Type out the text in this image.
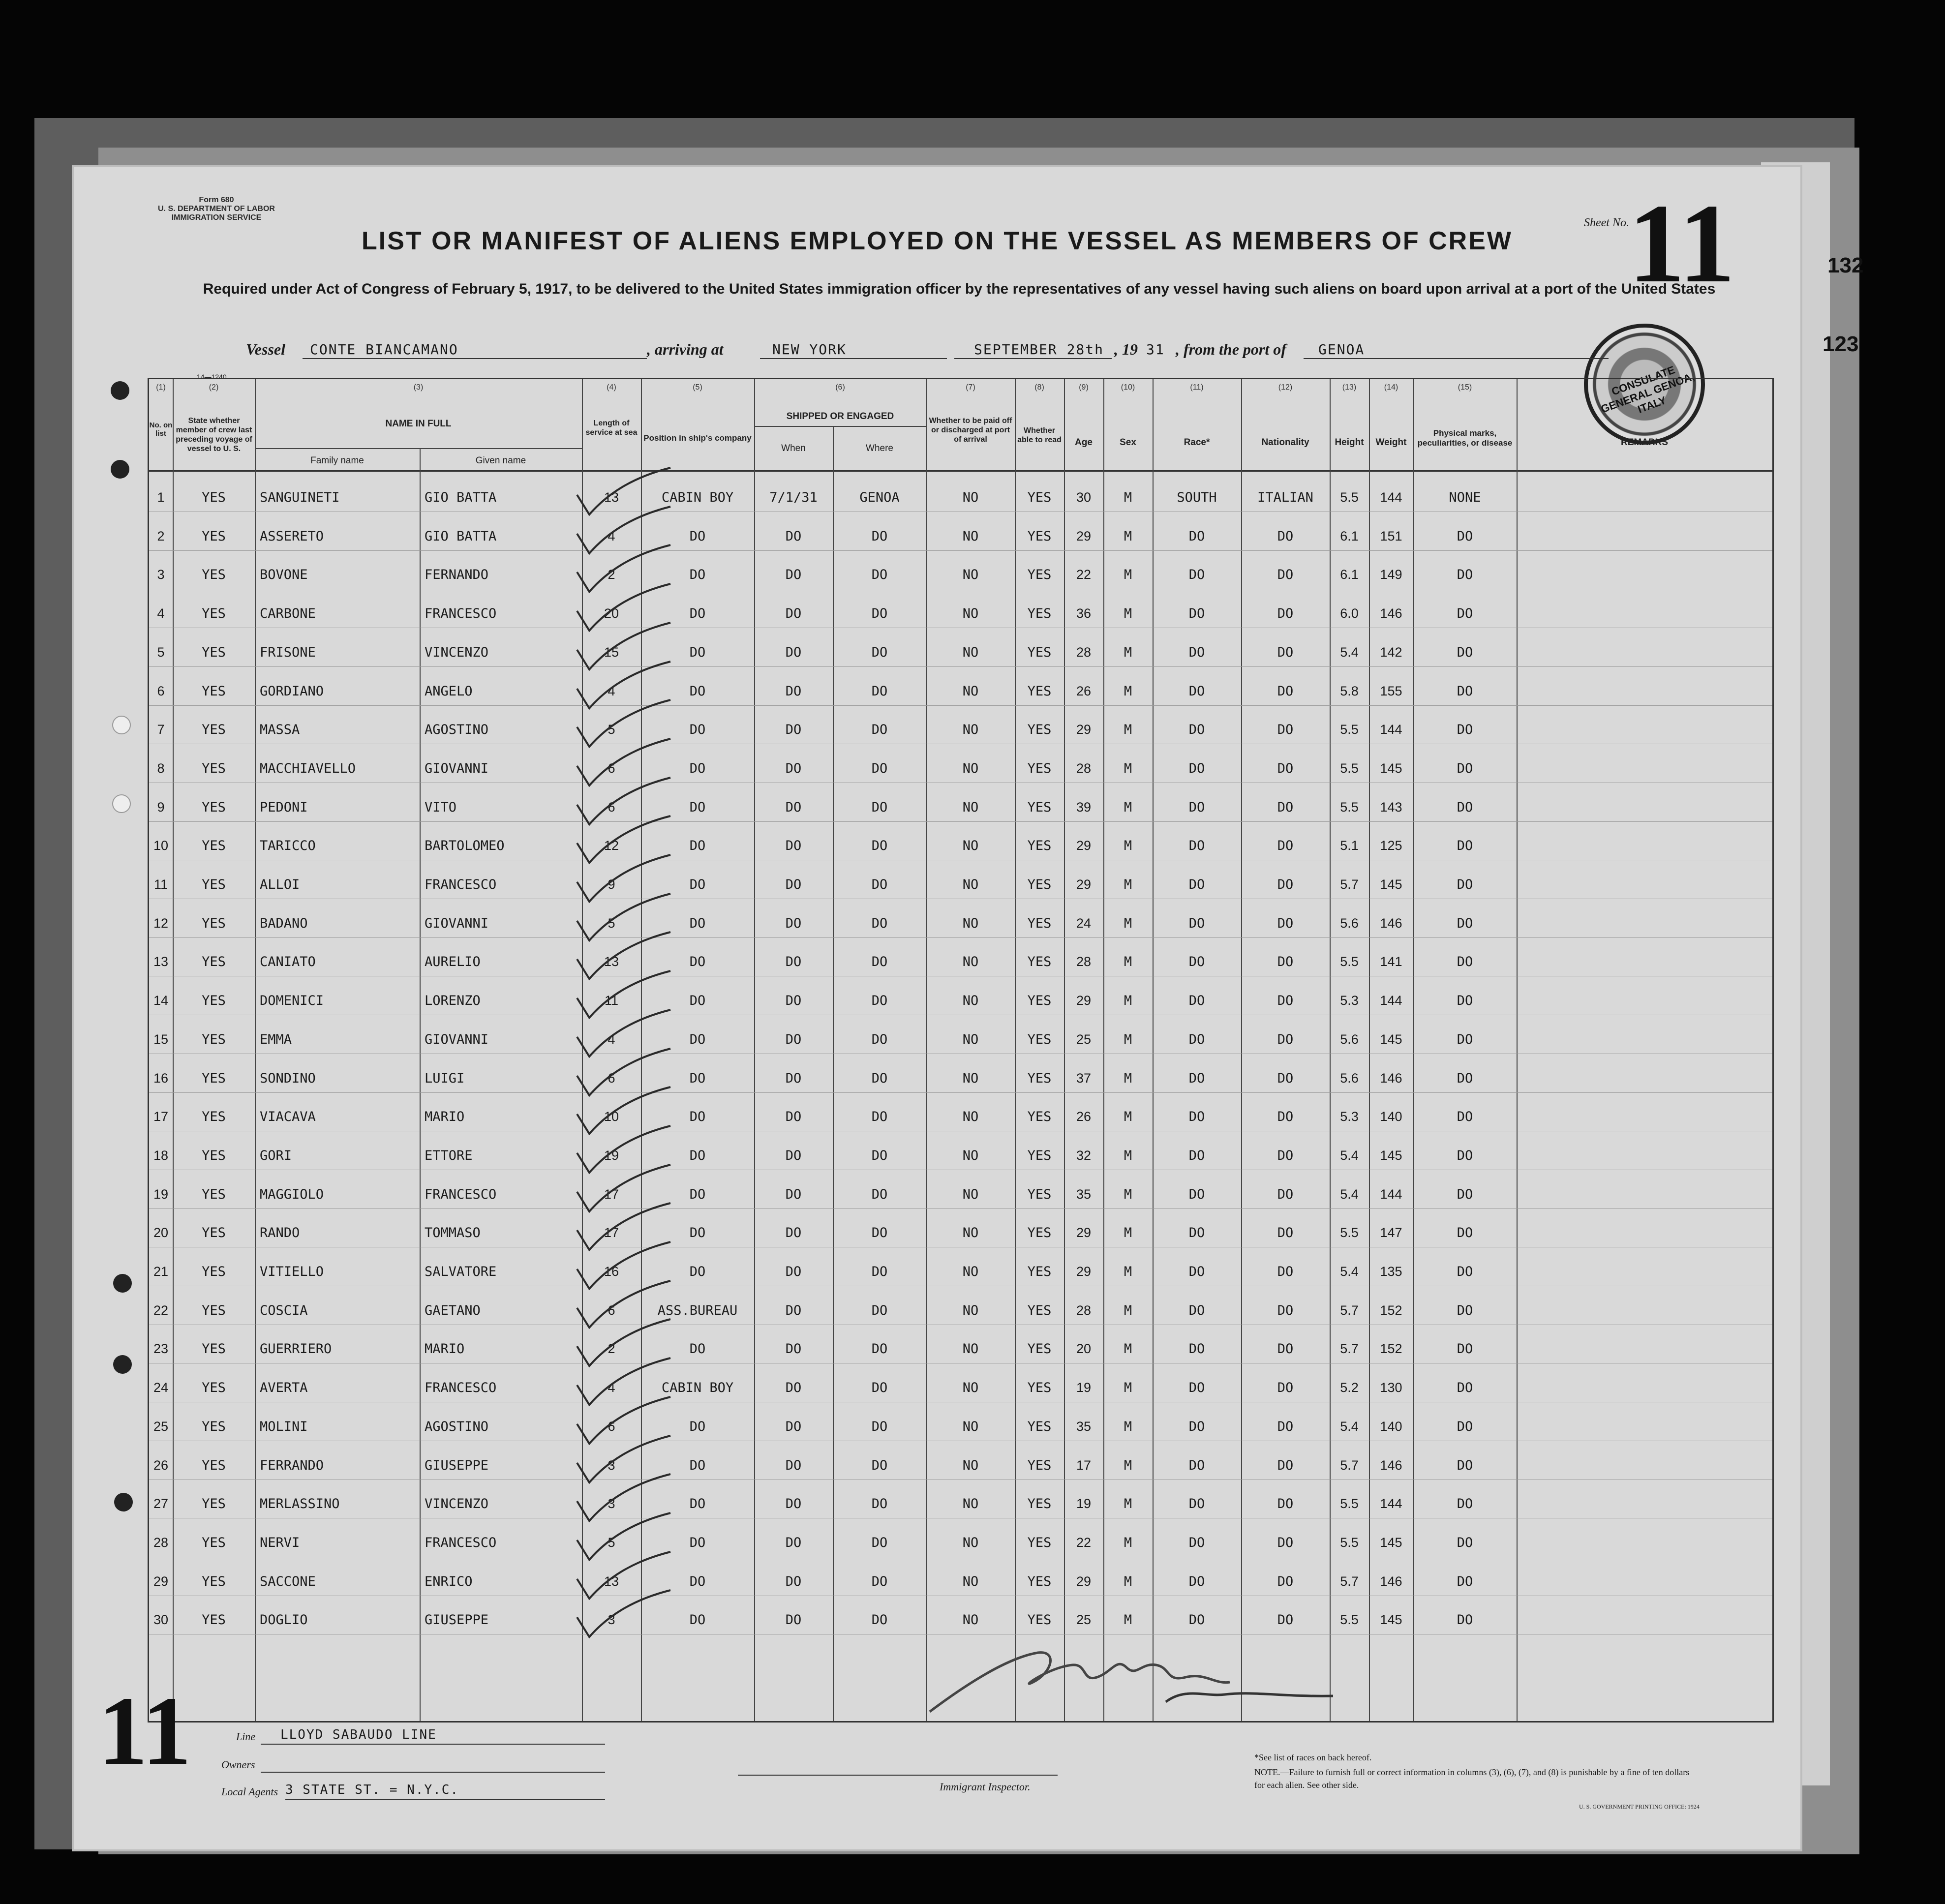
132
Form 680
U. S. DEPARTMENT OF LABOR
IMMIGRATION SERVICE
LIST OR MANIFEST OF ALIENS EMPLOYED ON THE VESSEL AS MEMBERS OF CREW
Sheet No.
11
123
Required under Act of Congress of February 5, 1917, to be delivered to the United States immigration officer by the representatives of any vessel having such aliens on board upon arrival at a port of the United States
CONSULATE GENERAL GENOA, ITALY
Vessel CONTE BIANCAMANO	, arriving at	NEW YORK	SEPTEMBER 28th , 19 31 , from the port of GENOA
14—1240
(1)	(2)	(3)	(4)	(5)	(6)	(7)	(8)	(9)	(10)	(11)	(12)	(13)	(14)	(15)
No. on list
State whether member of crew last preceding voyage of vessel to U. S.
NAME IN FULL
Family name	Given name
Length of service at sea
Position in ship's company
SHIPPED OR ENGAGED
When	Where
Whether to be paid off or discharged at port of arrival
Whether able to read	Age	Sex	Race*	Nationality	Height	Weight
Physical marks, peculiarities, or disease	REMARKS
1	YES	SANGUINETI	GIO BATTA	13	CABIN BOY	7/1/31	GENOA	NO	YES	30	M	SOUTH	ITALIAN	5.5	144	NONE
2	YES	ASSERETO	GIO BATTA	4	DO	DO	DO	NO	YES	29	M	DO	DO	6.1	151	DO
3	YES	BOVONE	FERNANDO	2	DO	DO	DO	NO	YES	22	M	DO	DO	6.1	149	DO
4	YES	CARBONE	FRANCESCO	20	DO	DO	DO	NO	YES	36	M	DO	DO	6.0	146	DO
5	YES	FRISONE	VINCENZO	15	DO	DO	DO	NO	YES	28	M	DO	DO	5.4	142	DO
6	YES	GORDIANO	ANGELO	4	DO	DO	DO	NO	YES	26	M	DO	DO	5.8	155	DO
7	YES	MASSA	AGOSTINO	5	DO	DO	DO	NO	YES	29	M	DO	DO	5.5	144	DO
8	YES	MACCHIAVELLO	GIOVANNI	6	DO	DO	DO	NO	YES	28	M	DO	DO	5.5	145	DO
9	YES	PEDONI	VITO	6	DO	DO	DO	NO	YES	39	M	DO	DO	5.5	143	DO
10	YES	TARICCO	BARTOLOMEO	12	DO	DO	DO	NO	YES	29	M	DO	DO	5.1	125	DO
11	YES	ALLOI	FRANCESCO	9	DO	DO	DO	NO	YES	29	M	DO	DO	5.7	145	DO
12	YES	BADANO	GIOVANNI	5	DO	DO	DO	NO	YES	24	M	DO	DO	5.6	146	DO
13	YES	CANIATO	AURELIO	13	DO	DO	DO	NO	YES	28	M	DO	DO	5.5	141	DO
14	YES	DOMENICI	LORENZO	11	DO	DO	DO	NO	YES	29	M	DO	DO	5.3	144	DO
15	YES	EMMA	GIOVANNI	4	DO	DO	DO	NO	YES	25	M	DO	DO	5.6	145	DO
16	YES	SONDINO	LUIGI	6	DO	DO	DO	NO	YES	37	M	DO	DO	5.6	146	DO
17	YES	VIACAVA	MARIO	10	DO	DO	DO	NO	YES	26	M	DO	DO	5.3	140	DO
18	YES	GORI	ETTORE	19	DO	DO	DO	NO	YES	32	M	DO	DO	5.4	145	DO
19	YES	MAGGIOLO	FRANCESCO	17	DO	DO	DO	NO	YES	35	M	DO	DO	5.4	144	DO
20	YES	RANDO	TOMMASO	17	DO	DO	DO	NO	YES	29	M	DO	DO	5.5	147	DO
21	YES	VITIELLO	SALVATORE	16	DO	DO	DO	NO	YES	29	M	DO	DO	5.4	135	DO
22	YES	COSCIA	GAETANO	6	ASS.BUREAU	DO	DO	NO	YES	28	M	DO	DO	5.7	152	DO
23	YES	GUERRIERO	MARIO	2	DO	DO	DO	NO	YES	20	M	DO	DO	5.7	152	DO
24	YES	AVERTA	FRANCESCO	4	CABIN BOY	DO	DO	NO	YES	19	M	DO	DO	5.2	130	DO
25	YES	MOLINI	AGOSTINO	6	DO	DO	DO	NO	YES	35	M	DO	DO	5.4	140	DO
26	YES	FERRANDO	GIUSEPPE	3	DO	DO	DO	NO	YES	17	M	DO	DO	5.7	146	DO
27	YES	MERLASSINO	VINCENZO	3	DO	DO	DO	NO	YES	19	M	DO	DO	5.5	144	DO
28	YES	NERVI	FRANCESCO	5	DO	DO	DO	NO	YES	22	M	DO	DO	5.5	145	DO
29	YES	SACCONE	ENRICO	13	DO	DO	DO	NO	YES	29	M	DO	DO	5.7	146	DO
30	YES	DOGLIO	GIUSEPPE	3	DO	DO	DO	NO	YES	25	M	DO	DO	5.5	145	DO
11	Line LLOYD SABAUDO LINE
Owners
Local Agents 3 STATE ST. = N.Y.C.	Immigrant Inspector.
*See list of races on back hereof.
NOTE.—Failure to furnish full or correct information in columns (3), (6), (7), and (8) is punishable by a fine of ten dollars for each alien. See other side.
U. S. GOVERNMENT PRINTING OFFICE: 1924
